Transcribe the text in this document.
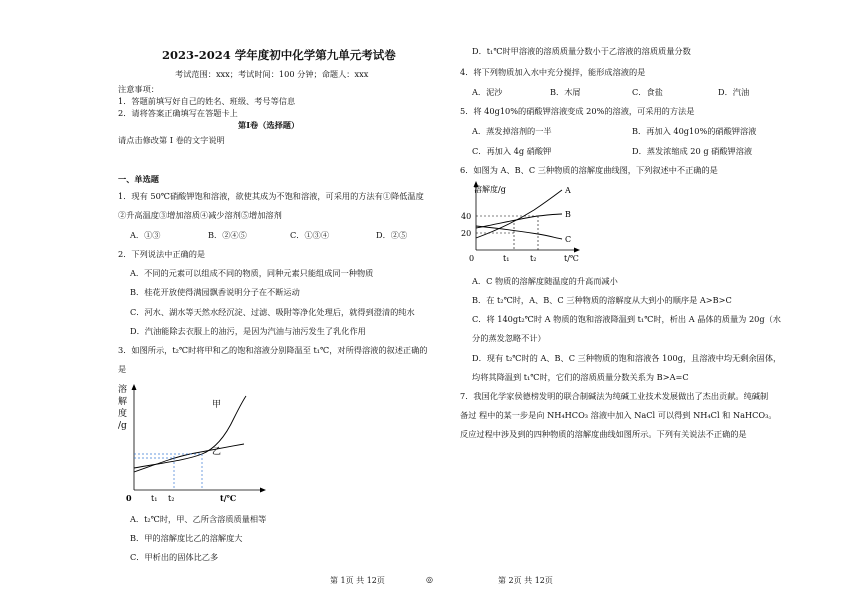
2023-2024 学年度初中化学第九单元考试卷
考试范围：xxx；考试时间：100 分钟；命题人：xxx
注意事项：
1．答题前填写好自己的姓名、班级、考号等信息
2．请将答案正确填写在答题卡上
第Ⅰ卷（选择题）
请点击修改第 I 卷的文字说明
一、单选题
1．现有 50℃硝酸钾饱和溶液，欲使其成为不饱和溶液，可采用的方法有①降低温度
②升高温度③增加溶质④减少溶剂⑤增加溶剂
A．①③	B．②④⑤	C．①③④	D．②⑤
2．下列说法中正确的是
A．不同的元素可以组成不同的物质，同种元素只能组成同一种物质
B．桂花开放使得满园飘香说明分子在不断运动
C．河水、湖水等天然水经沉淀、过滤、吸附等净化处理后，就得到澄清的纯水
D．汽油能除去衣服上的油污，是因为汽油与油污发生了乳化作用
3．如图所示，t₂℃时将甲和乙的饱和溶液分别降温至 t₁℃，对所得溶液的叙述正确的
是
溶
解
度
/g
甲
乙
0 t₁ t₂	t/℃
A．t₂℃时，甲、乙所含溶质质量相等
B．甲的溶解度比乙的溶解度大
C．甲析出的固体比乙多
第 1页 共 12页	◎
D．t₁℃时甲溶液的溶质质量分数小于乙溶液的溶质质量分数
4．将下列物质加入水中充分搅拌，能形成溶液的是
A．泥沙	B．木屑	C．食盐	D．汽油
5．将 40g10%的硝酸钾溶液变成 20%的溶液，可采用的方法是
A．蒸发掉溶剂的一半	B．再加入 40g10%的硝酸钾溶液
C．再加入 4g 硝酸钾	D．蒸发浓缩成 20 g 硝酸钾溶液
6．如图为 A、B、C 三种物质的溶解度曲线图，下列叙述中不正确的是
溶解度/g	A
B
C
40
20
0	t₁	t₂	t/℃
A．C 物质的溶解度随温度的升高而减小
B．在 t₂℃时，A、B、C 三种物质的溶解度从大到小的顺序是 A>B>C
C．将 140gt₂℃时 A 物质的饱和溶液降温到 t₁℃时，析出 A 晶体的质量为 20g（水
分的蒸发忽略不计）
D．现有 t₂℃时的 A、B、C 三种物质的饱和溶液各 100g，且溶液中均无剩余固体，
均将其降温到 t₁℃时，它们的溶质质量分数关系为 B>A=C
7．我国化学家侯德榜发明的联合制碱法为纯碱工业技术发展做出了杰出贡献。纯碱制
备过 程中的某一步是向 NH₄HCO₃ 溶液中加入 NaCl 可以得到 NH₄Cl 和 NaHCO₃。
反应过程中涉及到的四种物质的溶解度曲线如图所示。下列有关说法不正确的是
第 2页 共 12页
